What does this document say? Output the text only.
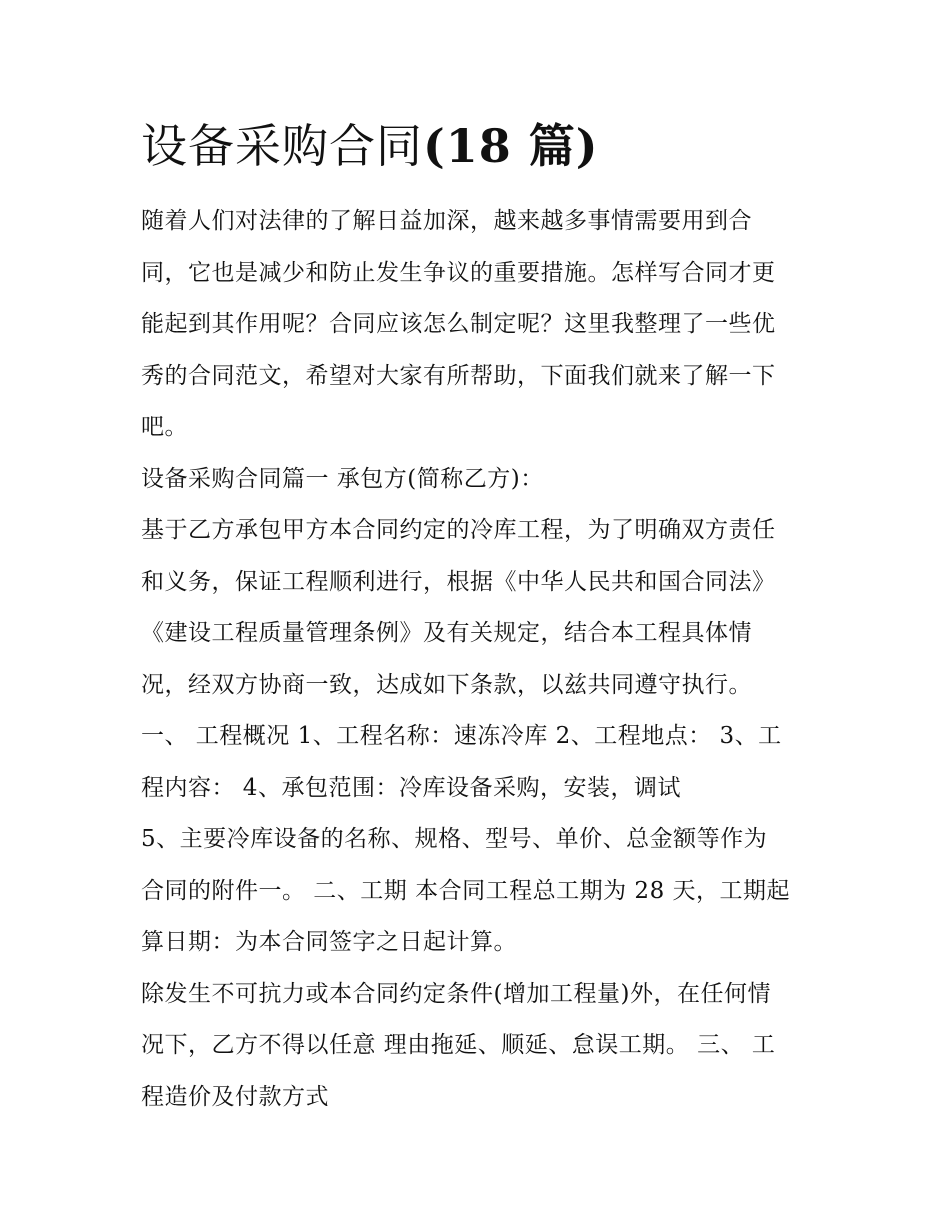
设备采购合同(18 篇)
随着人们对法律的了解日益加深，越来越多事情需要用到合
同，它也是减少和防止发生争议的重要措施。怎样写合同才更
能起到其作用呢？合同应该怎么制定呢？这里我整理了一些优
秀的合同范文，希望对大家有所帮助，下面我们就来了解一下
吧。
设备采购合同篇一 承包方(简称乙方)：
基于乙方承包甲方本合同约定的冷库工程，为了明确双方责任
和义务，保证工程顺利进行，根据《中华人民共和国合同法》
《建设工程质量管理条例》及有关规定，结合本工程具体情
况，经双方协商一致，达成如下条款，以兹共同遵守执行。
一、 工程概况 1、工程名称：速冻冷库 2、工程地点： 3、工
程内容： 4、承包范围：冷库设备采购，安装，调试
5、主要冷库设备的名称、规格、型号、单价、总金额等作为
合同的附件一。 二、工期 本合同工程总工期为 28 天，工期起
算日期：为本合同签字之日起计算。
除发生不可抗力或本合同约定条件(增加工程量)外，在任何情
况下，乙方不得以任意 理由拖延、顺延、怠误工期。 三、 工
程造价及付款方式
